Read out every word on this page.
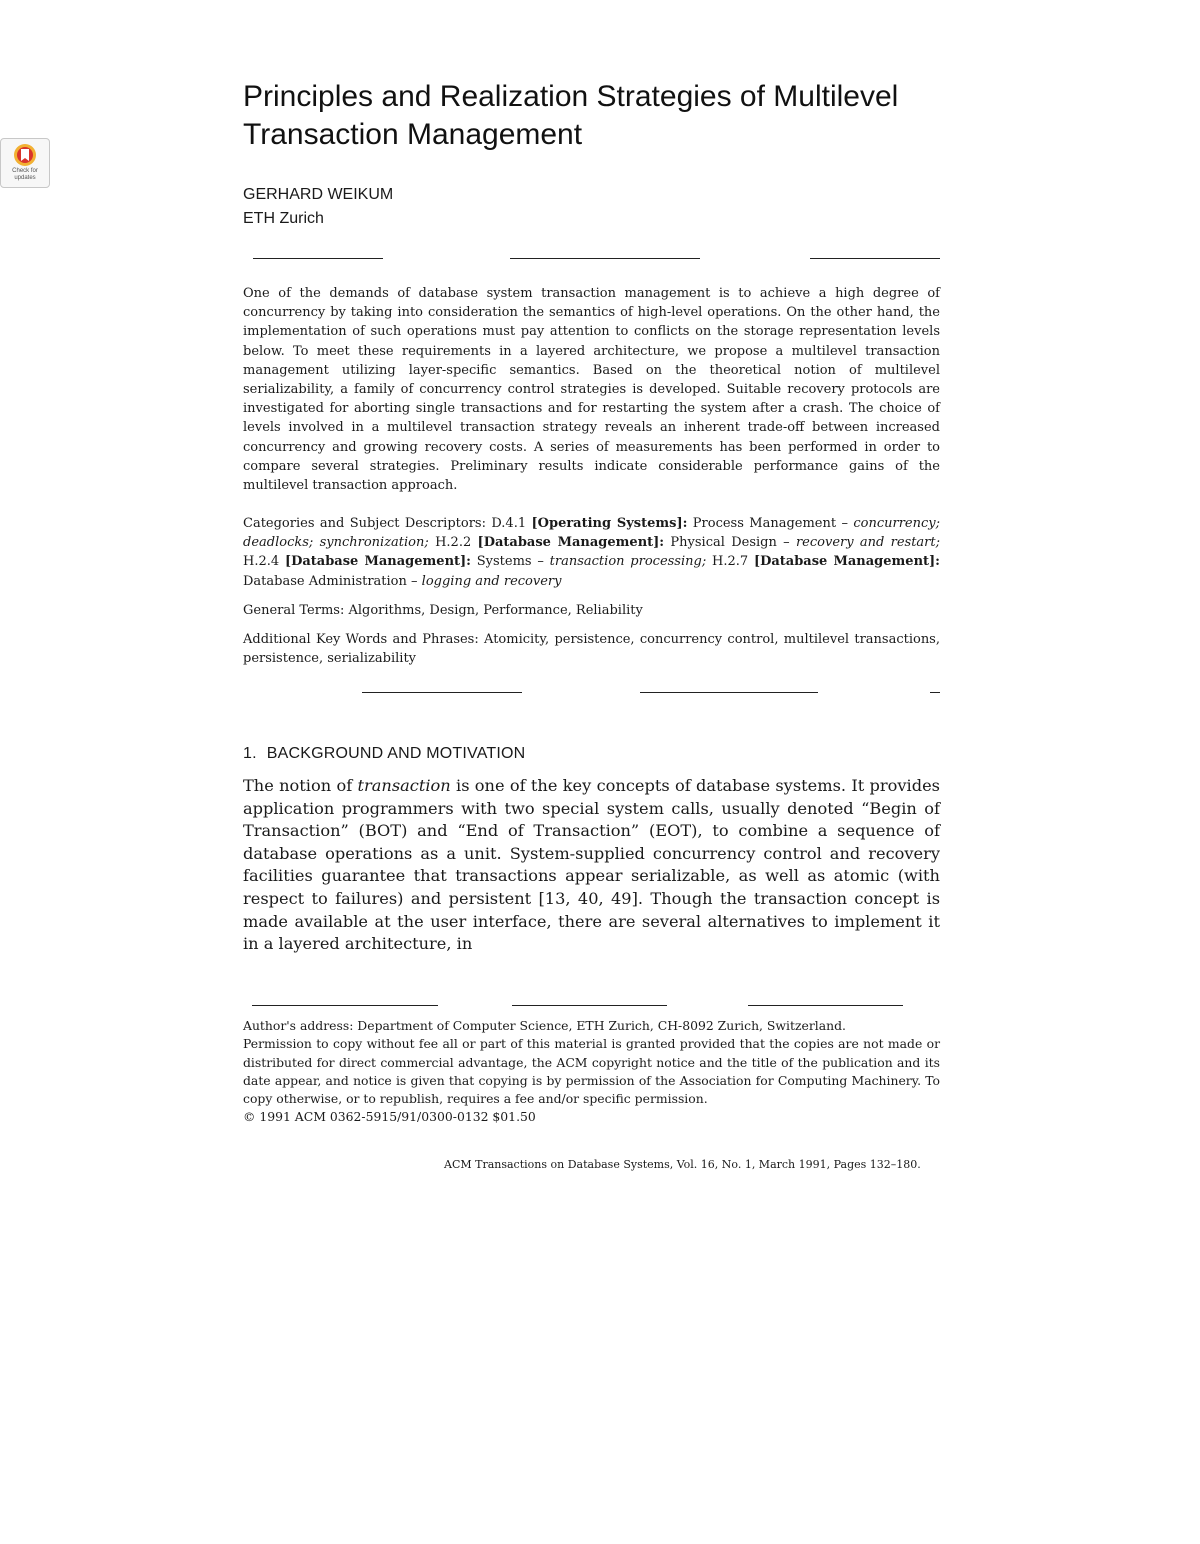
Check for updates
Principles and Realization Strategies of Multilevel Transaction Management
GERHARD WEIKUM
ETH Zurich

One of the demands of database system transaction management is to achieve a high degree of concurrency by taking into consideration the semantics of high-level operations. On the other hand, the implementation of such operations must pay attention to conflicts on the storage representation levels below. To meet these requirements in a layered architecture, we propose a multilevel transaction management utilizing layer-specific semantics. Based on the theoretical notion of multilevel serializability, a family of concurrency control strategies is developed. Suitable recovery protocols are investigated for aborting single transactions and for restarting the system after a crash. The choice of levels involved in a multilevel transaction strategy reveals an inherent trade-off between increased concurrency and growing recovery costs. A series of measurements has been performed in order to compare several strategies. Preliminary results indicate considerable performance gains of the multilevel transaction approach.

Categories and Subject Descriptors: D.4.1 [Operating Systems]: Process Management – concurrency; deadlocks; synchronization; H.2.2 [Database Management]: Physical Design – recovery and restart; H.2.4 [Database Management]: Systems – transaction processing; H.2.7 [Database Management]: Database Administration – logging and recovery

General Terms: Algorithms, Design, Performance, Reliability

Additional Key Words and Phrases: Atomicity, persistence, concurrency control, multilevel transactions, persistence, serializability

1. BACKGROUND AND MOTIVATION

The notion of transaction is one of the key concepts of database systems. It provides application programmers with two special system calls, usually denoted “Begin of Transaction” (BOT) and “End of Transaction” (EOT), to combine a sequence of database operations as a unit. System-supplied concurrency control and recovery facilities guarantee that transactions appear serializable, as well as atomic (with respect to failures) and persistent [13, 40, 49]. Though the transaction concept is made available at the user interface, there are several alternatives to implement it in a layered architecture, in

Author's address: Department of Computer Science, ETH Zurich, CH-8092 Zurich, Switzerland.

Permission to copy without fee all or part of this material is granted provided that the copies are not made or distributed for direct commercial advantage, the ACM copyright notice and the title of the publication and its date appear, and notice is given that copying is by permission of the Association for Computing Machinery. To copy otherwise, or to republish, requires a fee and/or specific permission.

© 1991 ACM 0362-5915/91/0300-0132 $01.50

ACM Transactions on Database Systems, Vol. 16, No. 1, March 1991, Pages 132–180.
